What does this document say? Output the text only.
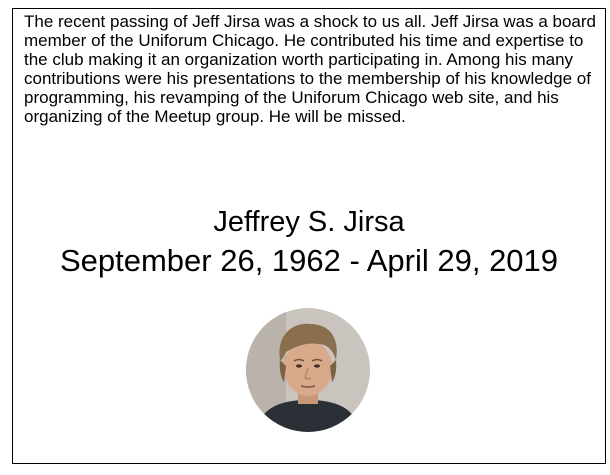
The recent passing of Jeff Jirsa was a shock to us all. Jeff Jirsa was a board member of the Uniforum Chicago. He contributed his time and expertise to the club making it an organization worth participating in. Among his many contributions were his presentations to the membership of his knowledge of programming, his revamping of the Uniforum Chicago web site, and his organizing of the Meetup group. He will be missed.

Jeffrey S. Jirsa
September 26, 1962 - April 29, 2019
